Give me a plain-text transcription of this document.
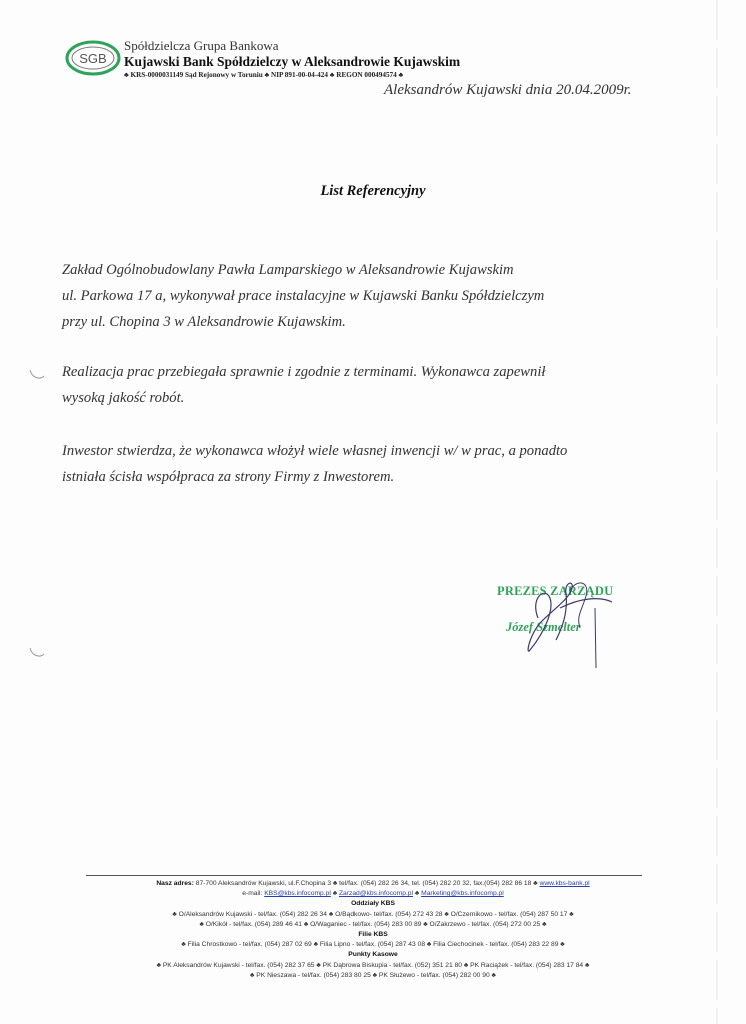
SGB
Spółdzielcza Grupa Bankowa
Kujawski Bank Spółdzielczy w Aleksandrowie Kujawskim
♣ KRS-0000031149 Sąd Rejonowy w Toruniu ♣ NIP 891-00-04-424 ♣ REGON 000494574 ♣
Aleksandrów Kujawski dnia 20.04.2009r.
List Referencyjny
Zakład Ogólnobudowlany Pawła Lamparskiego w Aleksandrowie Kujawskim
ul. Parkowa 17 a, wykonywał prace instalacyjne w Kujawski Banku Spółdzielczym
przy ul. Chopina 3 w Aleksandrowie Kujawskim.
Realizacja prac przebiegała sprawnie i zgodnie z terminami. Wykonawca zapewnił
wysoką jakość robót.
Inwestor stwierdza, że wykonawca włożył wiele własnej inwencji w/ w prac, a ponadto
istniała ścisła współpraca za strony Firmy z Inwestorem.
PREZES ZARZĄDU
Józef Szmelter
Nasz adres: 87-700 Aleksandrów Kujawski, ul.F.Chopina 3 ♣ tel/fax. (054) 282 26 34, tel. (054) 282 20 32, fax.(054) 282 86 18 ♣ www.kbs-bank.pl
e-mail: KBS@kbs.infocomp.pl ♣ Zarzad@kbs.infocomp.pl ♣ Marketing@kbs.infocomp.pl
Oddziały KBS
♣ O/Aleksandrów Kujawski - tel/fax. (054) 282 26 34 ♣ O/Bądkowo- tel/fax. (054) 272 43 28 ♣ O/Czernikowo - tel/fax. (054) 287 50 17 ♣
♣ O/Kikół - tel/fax. (054) 289 46 41 ♣ O/Waganiec - tel/fax. (054) 283 00 89 ♣ O/Zakrzewo - tel/fax. (054) 272 00 25 ♣
Filie KBS
♣ Filia Chrostkowo - tel/fax. (054) 287 02 69 ♣ Filia Lipno - tel/fax. (054) 287 43 08 ♣ Filia Ciechocinek - tel/fax. (054) 283 22 89 ♣
Punkty Kasowe
♣ PK Aleksandrów Kujawski - tel/fax. (054) 282 37 65 ♣ PK Dąbrowa Biskupia - tel/fax. (052) 351 21 80 ♣ PK Raciążek - tel/fax. (054) 283 17 84 ♣
♣ PK Nieszawa - tel/fax. (054) 283 80 25 ♣ PK Służewo - tel/fax. (054) 282 00 90 ♣
